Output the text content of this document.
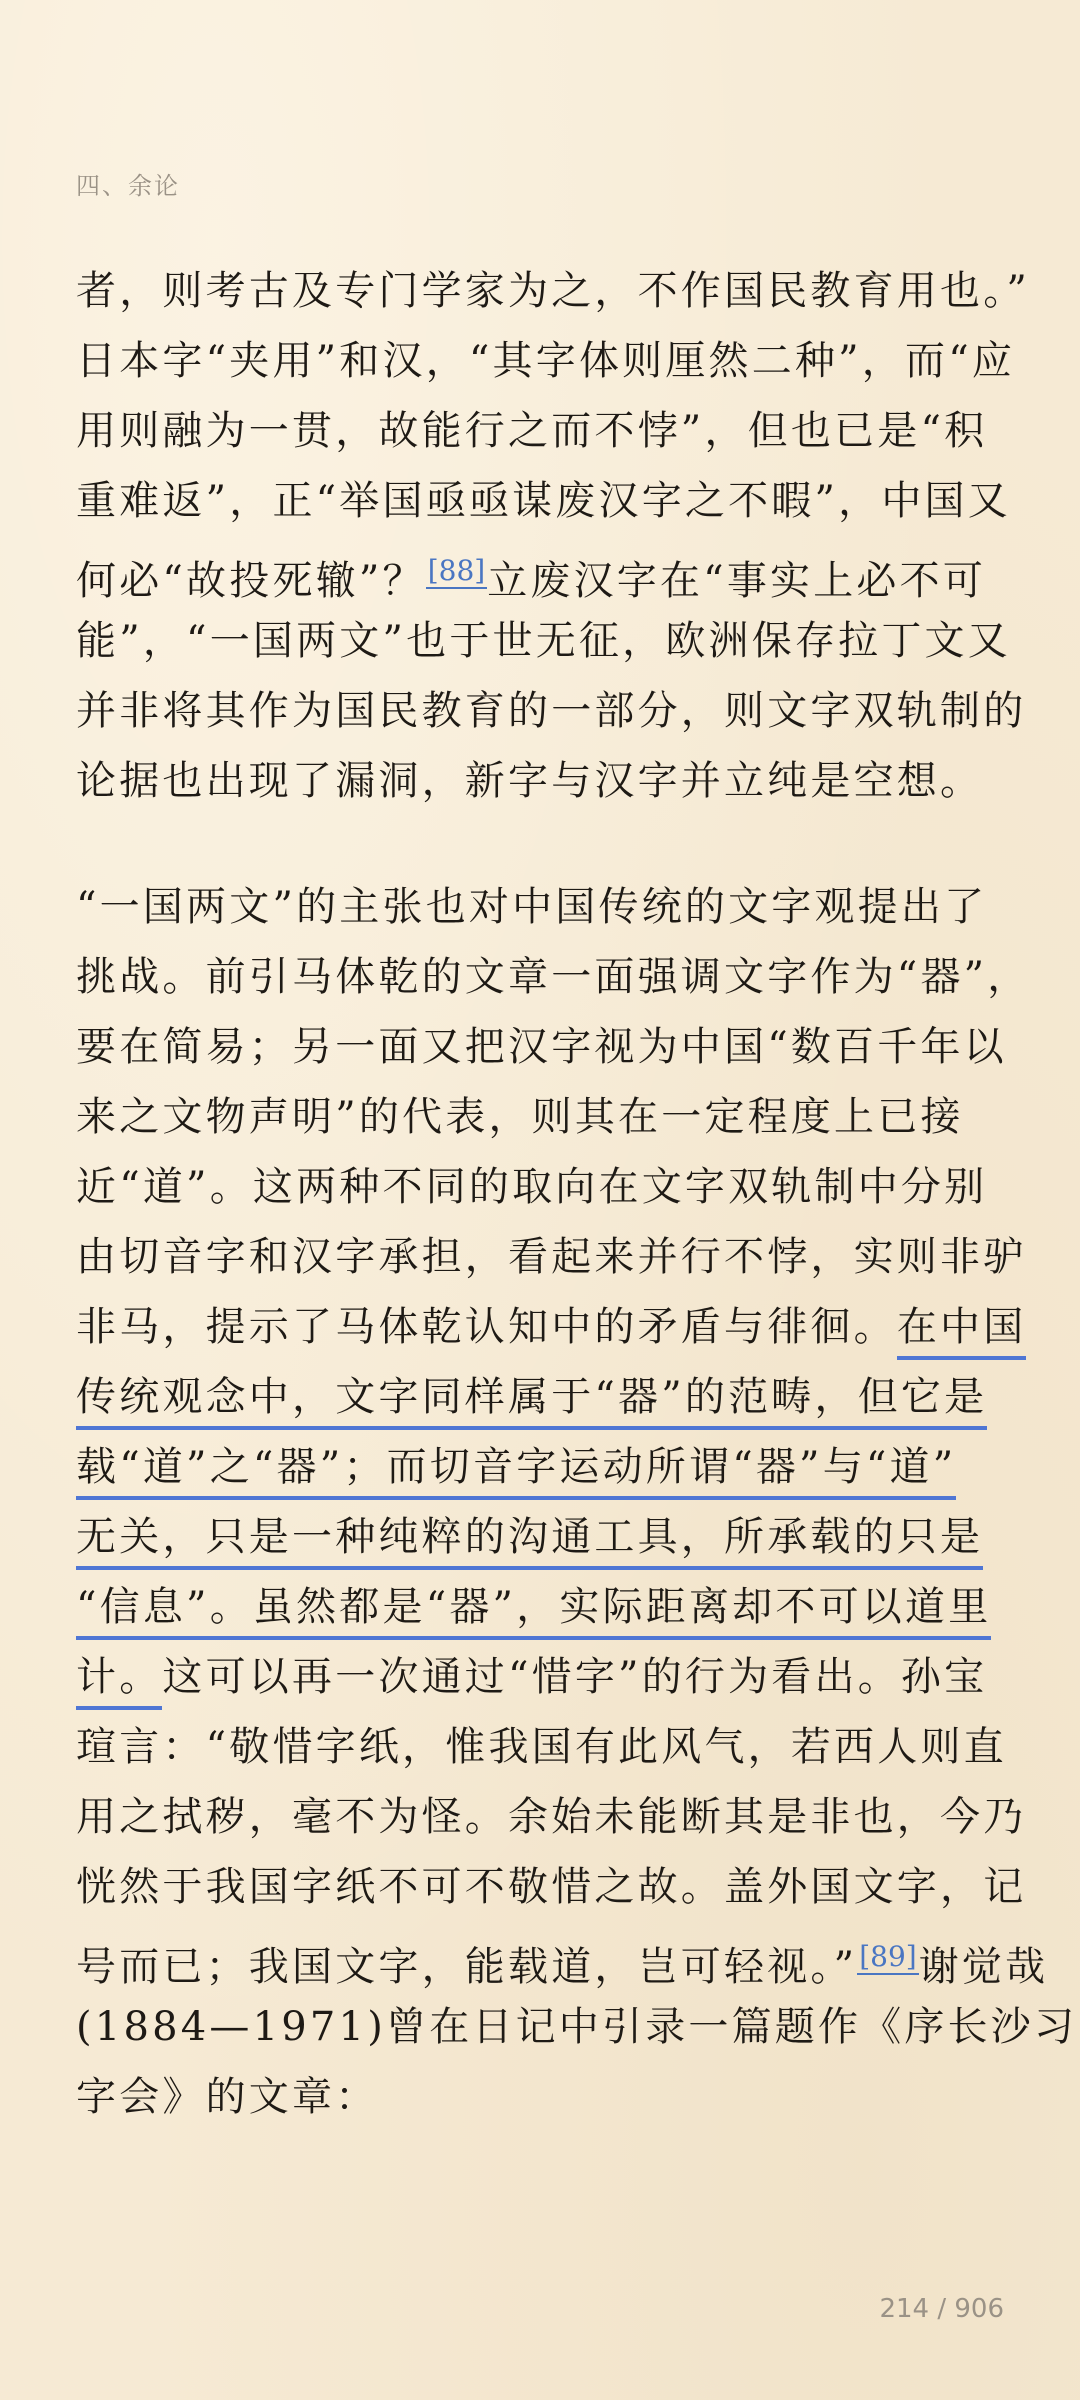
四、余论

者，则考古及专门学家为之，不作国民教育用也。”
日本字“夹用”和汉，“其字体则厘然二种”，而“应
用则融为一贯，故能行之而不悖”，但也已是“积
重难返”，正“举国亟亟谋废汉字之不暇”，中国又
何必“故投死辙”？[88]立废汉字在“事实上必不可
能”，“一国两文”也于世无征，欧洲保存拉丁文又
并非将其作为国民教育的一部分，则文字双轨制的
论据也出现了漏洞，新字与汉字并立纯是空想。

“一国两文”的主张也对中国传统的文字观提出了
挑战。前引马体乾的文章一面强调文字作为“器”，
要在简易；另一面又把汉字视为中国“数百千年以
来之文物声明”的代表，则其在一定程度上已接
近“道”。这两种不同的取向在文字双轨制中分别
由切音字和汉字承担，看起来并行不悖，实则非驴
非马，提示了马体乾认知中的矛盾与徘徊。在中国
传统观念中，文字同样属于“器”的范畴，但它是
载“道”之“器”；而切音字运动所谓“器”与“道”
无关，只是一种纯粹的沟通工具，所承载的只是
“信息”。虽然都是“器”，实际距离却不可以道里
计。这可以再一次通过“惜字”的行为看出。孙宝
瑄言：“敬惜字纸，惟我国有此风气，若西人则直
用之拭秽，毫不为怪。余始未能断其是非也，今乃
恍然于我国字纸不可不敬惜之故。盖外国文字，记
号而已；我国文字，能载道，岂可轻视。”[89]谢觉哉
(1884—1971)曾在日记中引录一篇题作《序长沙习
字会》的文章：

214 / 906
